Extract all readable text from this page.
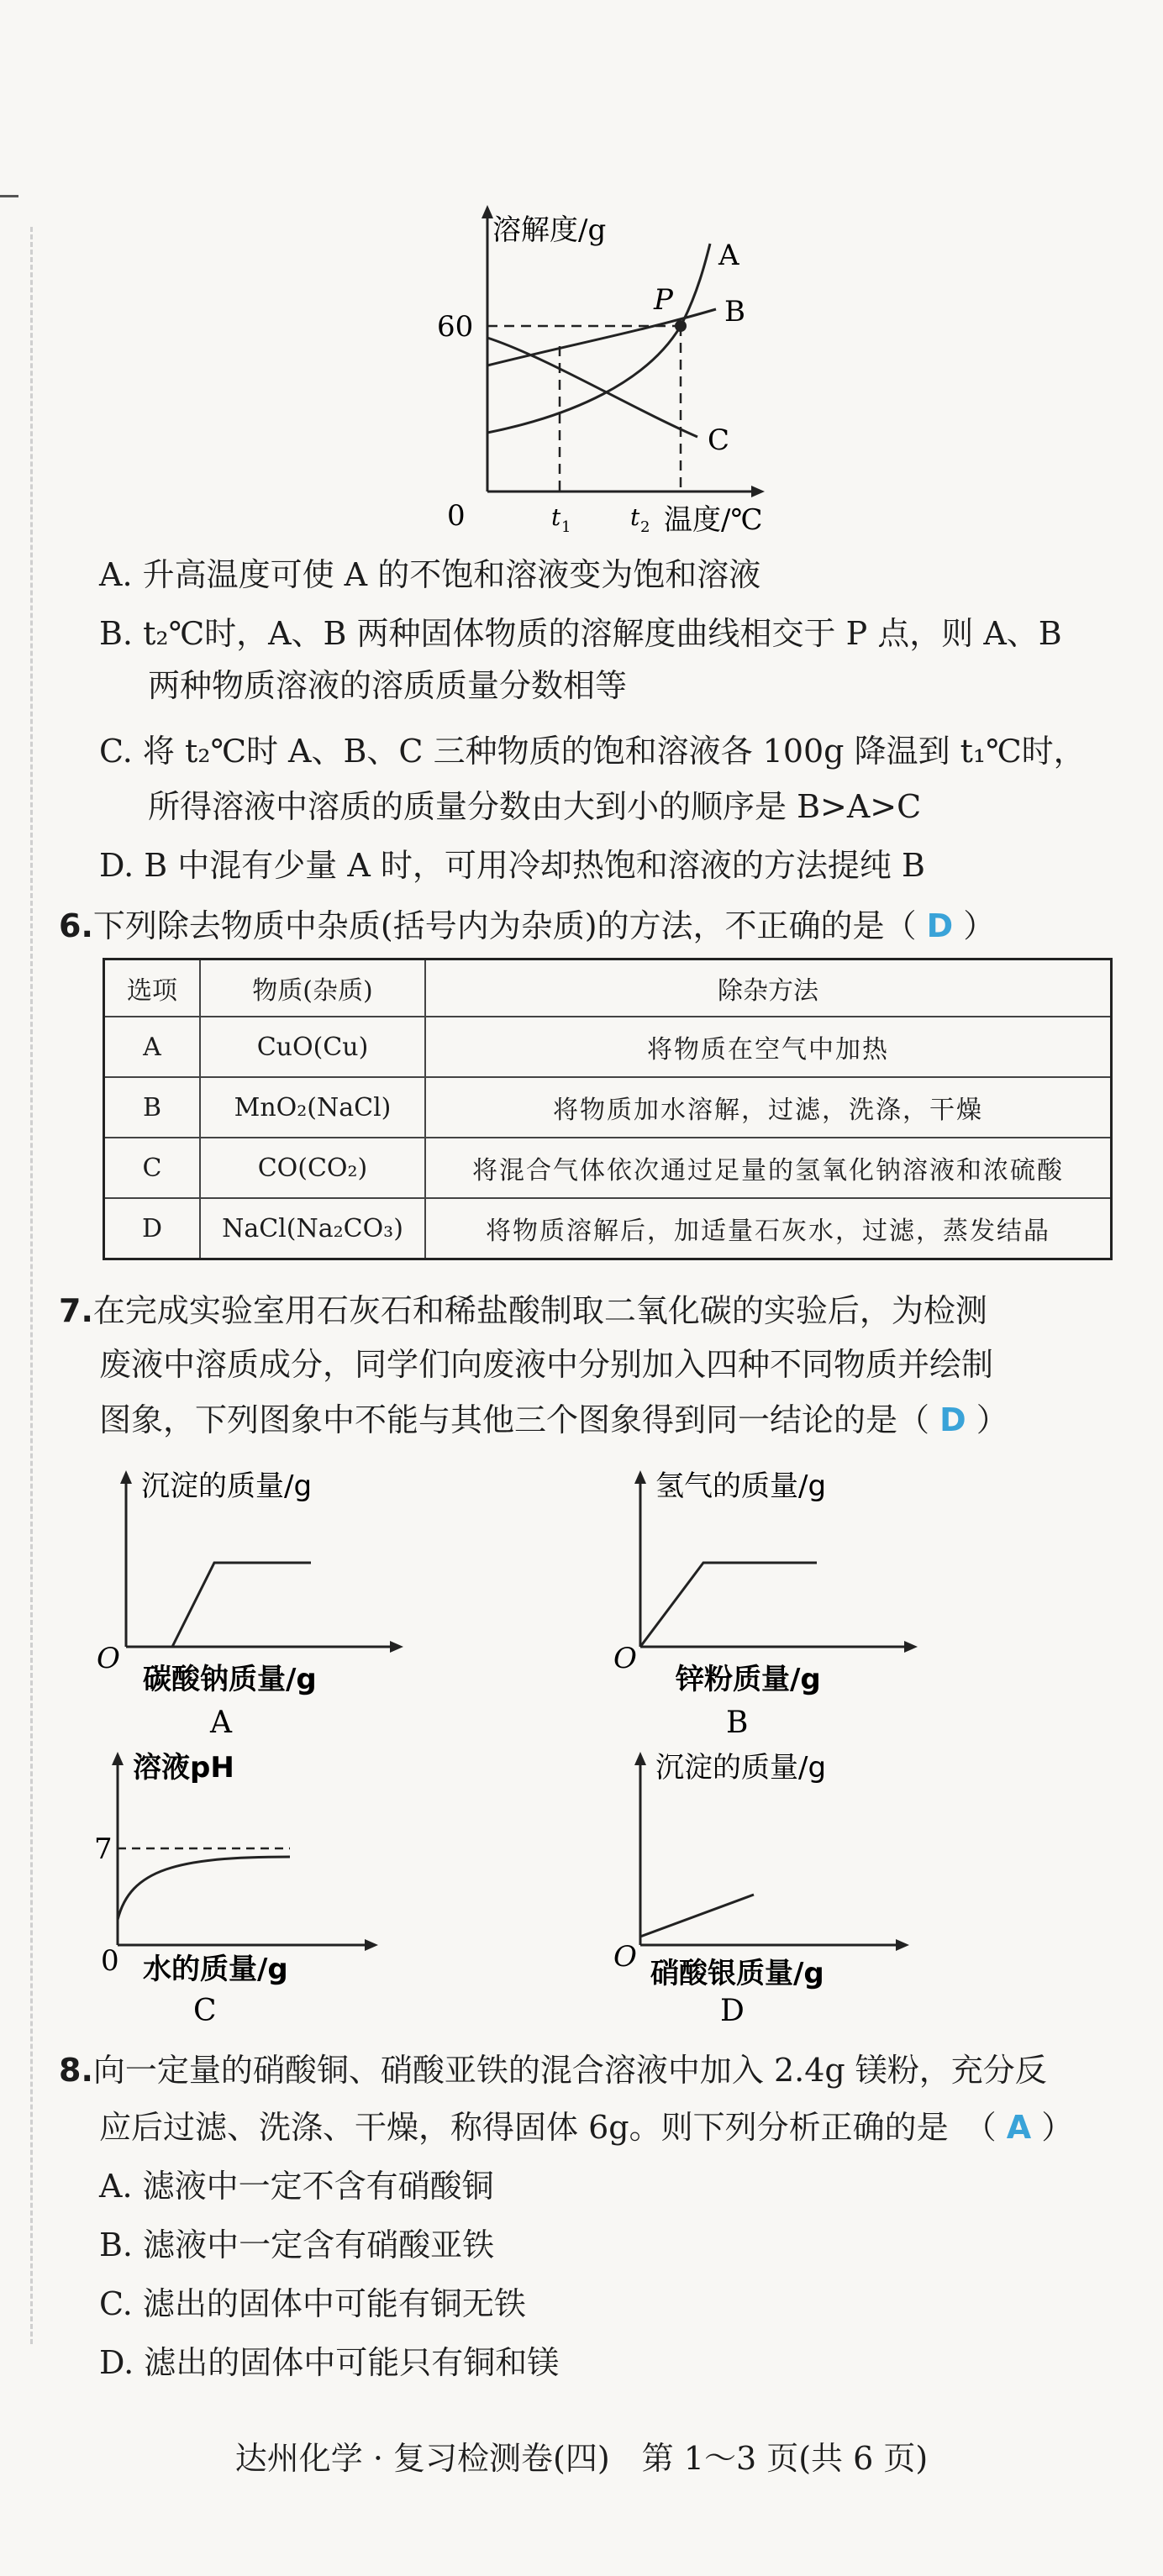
溶解度/g
60
0
P
A
B
C
t 1	t 2 温度/℃
A. 升高温度可使 A 的不饱和溶液变为饱和溶液
B. t₂℃时，A、B 两种固体物质的溶解度曲线相交于 P 点，则 A、B
两种物质溶液的溶质质量分数相等
C. 将 t₂℃时 A、B、C 三种物质的饱和溶液各 100g 降温到 t₁℃时，
所得溶液中溶质的质量分数由大到小的顺序是 B>A>C
D. B 中混有少量 A 时，可用冷却热饱和溶液的方法提纯 B
6.下列除去物质中杂质(括号内为杂质)的方法，不正确的是（ D ）
选项	物质(杂质)	除杂方法
A	CuO(Cu)	将物质在空气中加热
B	MnO₂(NaCl)	将物质加水溶解，过滤，洗涤，干燥
C	CO(CO₂)	将混合气体依次通过足量的氢氧化钠溶液和浓硫酸
D	NaCl(Na₂CO₃)	将物质溶解后，加适量石灰水，过滤，蒸发结晶
7.在完成实验室用石灰石和稀盐酸制取二氧化碳的实验后，为检测
废液中溶质成分，同学们向废液中分别加入四种不同物质并绘制
图象，下列图象中不能与其他三个图象得到同一结论的是（ D ）
沉淀的质量/g
O
碳酸钠质量/g
A
氢气的质量/g
O
锌粉质量/g
B
溶液pH
7
0 水的质量/g
C
沉淀的质量/g
O 硝酸银质量/g
D
8.向一定量的硝酸铜、硝酸亚铁的混合溶液中加入 2.4g 镁粉，充分反
应后过滤、洗涤、干燥，称得固体 6g。则下列分析正确的是　 （ A ）
A. 滤液中一定不含有硝酸铜
B. 滤液中一定含有硝酸亚铁
C. 滤出的固体中可能有铜无铁
D. 滤出的固体中可能只有铜和镁
达州化学 · 复习检测卷(四)　第 1～3 页(共 6 页)
